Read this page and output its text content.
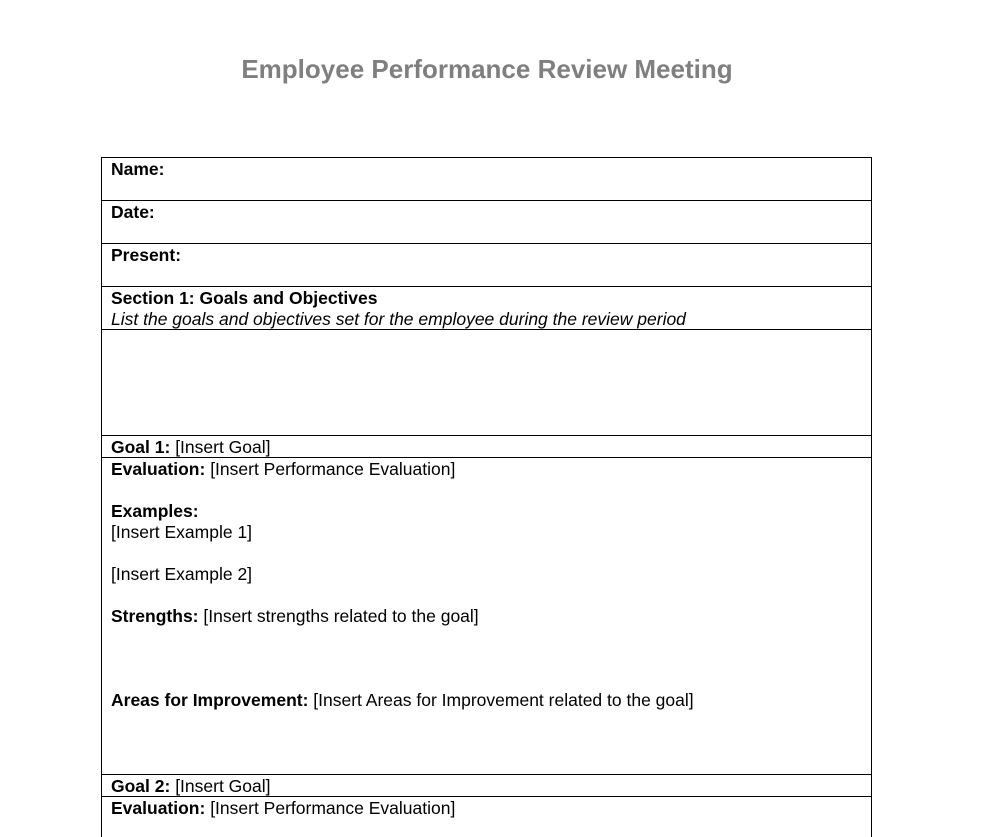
Employee Performance Review Meeting
Name:
Date:
Present:
Section 1: Goals and Objectives
List the goals and objectives set for the employee during the review period
Goal 1: [Insert Goal]
Evaluation: [Insert Performance Evaluation]
Examples:
[Insert Example 1]
[Insert Example 2]
Strengths: [Insert strengths related to the goal]
Areas for Improvement: [Insert Areas for Improvement related to the goal]
Goal 2: [Insert Goal]
Evaluation: [Insert Performance Evaluation]
